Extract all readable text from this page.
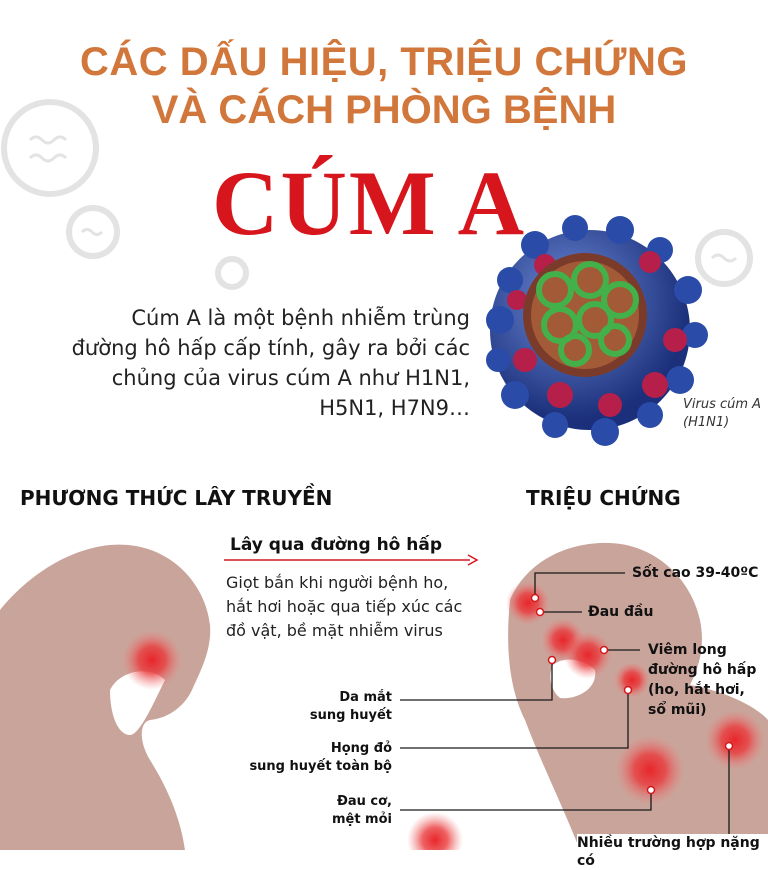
CÁC DẤU HIỆU, TRIỆU CHỨNG
VÀ CÁCH PHÒNG BỆNH
CÚM A
Cúm A là một bệnh nhiễm trùng
đường hô hấp cấp tính, gây ra bởi các
chủng của virus cúm A như H1N1,
H5N1, H7N9…	Virus cúm A
(H1N1)
PHƯƠNG THỨC LÂY TRUYỀN	TRIỆU CHỨNG
Lây qua đường hô hấp
Giọt bắn khi người bệnh ho,
hắt hơi hoặc qua tiếp xúc các
đồ vật, bề mặt nhiễm virus
Sốt cao 39-40ºC
Đau đầu
Viêm long
đường hô hấp
(ho, hắt hơi,
sổ mũi)
Da mắt
sung huyết
Họng đỏ
sung huyết toàn bộ
Đau cơ,
mệt mỏi
Nhiều trường hợp nặng có
